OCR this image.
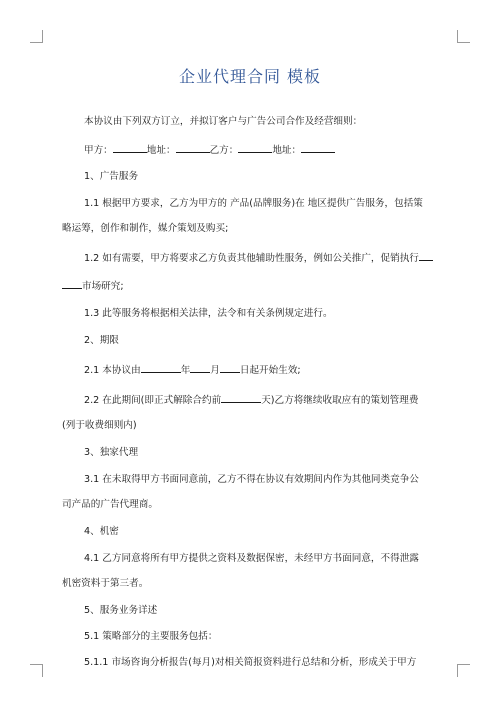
企业代理合同 模板

本协议由下列双方订立，并拟订客户与广告公司合作及经营细则：

甲方：	地址：	乙方：	地址：

1、广告服务

1.1 根据甲方要求，乙方为甲方的 产品(品牌服务)在 地区提供广告服务，包括策

略运筹，创作和制作，媒介策划及购买;

1.2 如有需要，甲方将要求乙方负责其他辅助性服务，例如公关推广，促销执行

市场研究;

1.3 此等服务将根据相关法律，法令和有关条例规定进行。

2、期限

2.1 本协议由	年 月 日起开始生效;

2.2 在此期间(即正式解除合约前	天)乙方将继续收取应有的策划管理费

(列于收费细则内)

3、独家代理

3.1 在未取得甲方书面同意前，乙方不得在协议有效期间内作为其他同类竞争公

司产品的广告代理商。

4、机密

4.1 乙方同意将所有甲方提供之资料及数据保密，未经甲方书面同意，不得泄露

机密资料于第三者。

5、服务业务详述

5.1 策略部分的主要服务包括：

5.1.1 市场咨询分析报告(每月)对相关简报资料进行总结和分析，形成关于甲方
